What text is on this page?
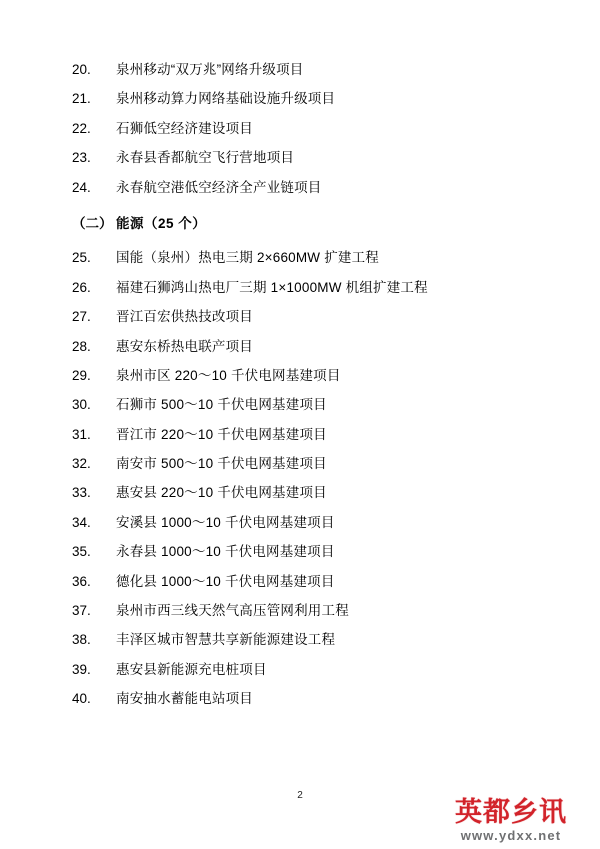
20.	泉州移动“双万兆”网络升级项目
21.	泉州移动算力网络基础设施升级项目
22.	石狮低空经济建设项目
23.	永春县香都航空飞行营地项目
24.	永春航空港低空经济全产业链项目
（二） 能源（25 个）
25.	国能（泉州）热电三期 2×660MW 扩建工程
26.	福建石狮鸿山热电厂三期 1×1000MW 机组扩建工程
27.	晋江百宏供热技改项目
28.	惠安东桥热电联产项目
29.	泉州市区 220～10 千伏电网基建项目
30.	石狮市 500～10 千伏电网基建项目
31.	晋江市 220～10 千伏电网基建项目
32.	南安市 500～10 千伏电网基建项目
33.	惠安县 220～10 千伏电网基建项目
34.	安溪县 1000～10 千伏电网基建项目
35.	永春县 1000～10 千伏电网基建项目
36.	德化县 1000～10 千伏电网基建项目
37.	泉州市西三线天然气高压管网利用工程
38.	丰泽区城市智慧共享新能源建设工程
39.	惠安县新能源充电桩项目
40.	南安抽水蓄能电站项目
2
英都乡讯
www.ydxx.net
